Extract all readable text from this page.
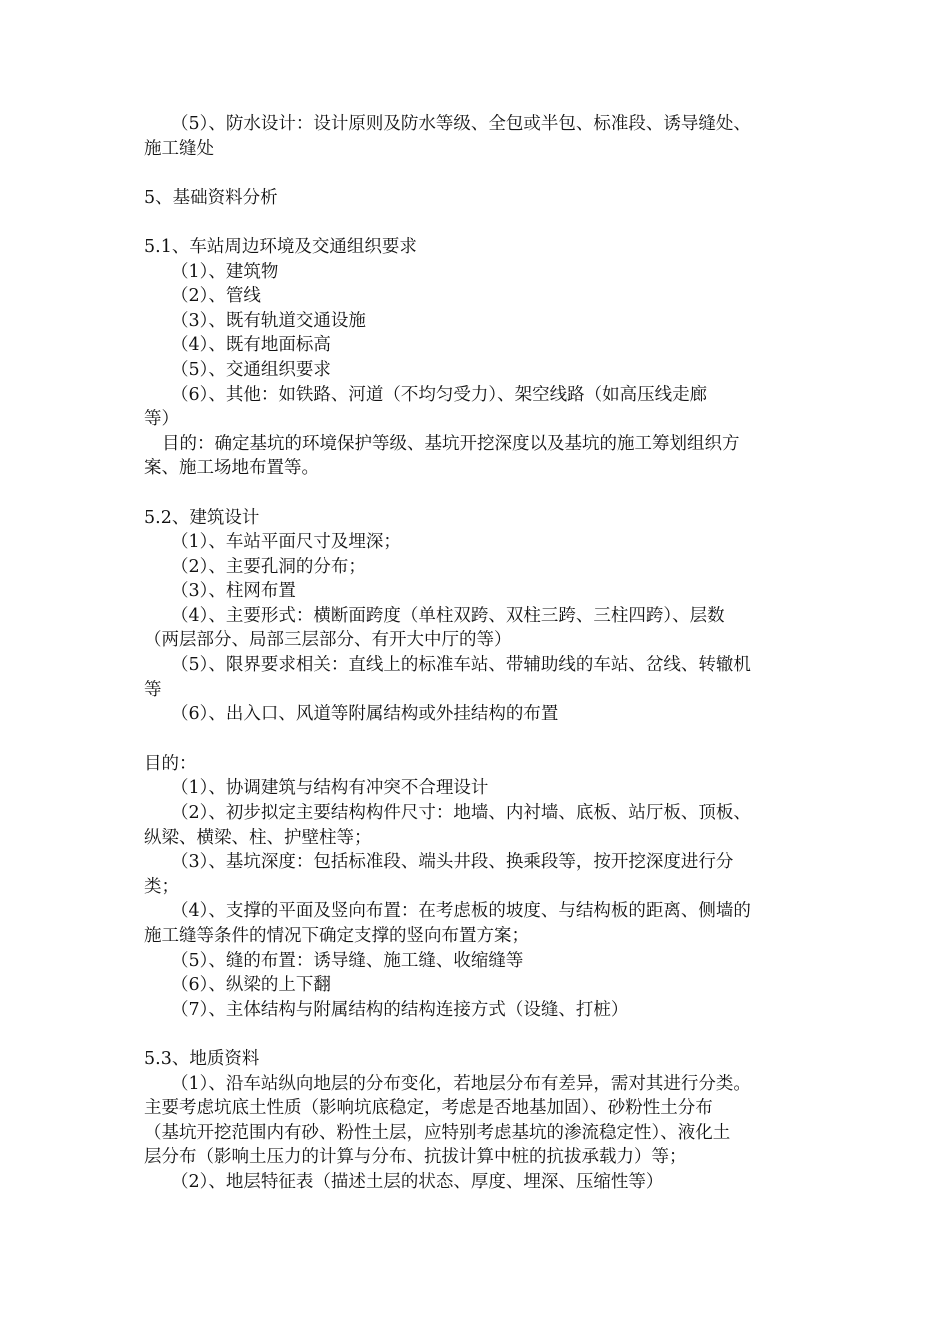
（5）、防水设计：设计原则及防水等级、全包或半包、标准段、诱导缝处、

施工缝处

5、基础资料分析

5.1、车站周边环境及交通组织要求

（1）、建筑物

（2）、管线

（3）、既有轨道交通设施

（4）、既有地面标高

（5）、交通组织要求

（6）、其他：如铁路、河道（不均匀受力）、架空线路（如高压线走廊

等）

目的：确定基坑的环境保护等级、基坑开挖深度以及基坑的施工筹划组织方

案、施工场地布置等。

5.2、建筑设计

（1）、车站平面尺寸及埋深；

（2）、主要孔洞的分布；

（3）、柱网布置

（4）、主要形式：横断面跨度（单柱双跨、双柱三跨、三柱四跨）、层数

（两层部分、局部三层部分、有开大中厅的等）

（5）、限界要求相关：直线上的标准车站、带辅助线的车站、岔线、转辙机

等

（6）、出入口、风道等附属结构或外挂结构的布置

目的：

（1）、协调建筑与结构有冲突不合理设计

（2）、初步拟定主要结构构件尺寸：地墙、内衬墙、底板、站厅板、顶板、

纵梁、横梁、柱、护壁柱等；

（3）、基坑深度：包括标准段、端头井段、换乘段等，按开挖深度进行分

类；

（4）、支撑的平面及竖向布置：在考虑板的坡度、与结构板的距离、侧墙的

施工缝等条件的情况下确定支撑的竖向布置方案；

（5）、缝的布置：诱导缝、施工缝、收缩缝等

（6）、纵梁的上下翻

（7）、主体结构与附属结构的结构连接方式（设缝、打桩）

5.3、地质资料

（1）、沿车站纵向地层的分布变化，若地层分布有差异，需对其进行分类。

主要考虑坑底土性质（影响坑底稳定，考虑是否地基加固）、砂粉性土分布

（基坑开挖范围内有砂、粉性土层，应特别考虑基坑的渗流稳定性）、液化土

层分布（影响土压力的计算与分布、抗拔计算中桩的抗拔承载力）等；

（2）、地层特征表（描述土层的状态、厚度、埋深、压缩性等）
